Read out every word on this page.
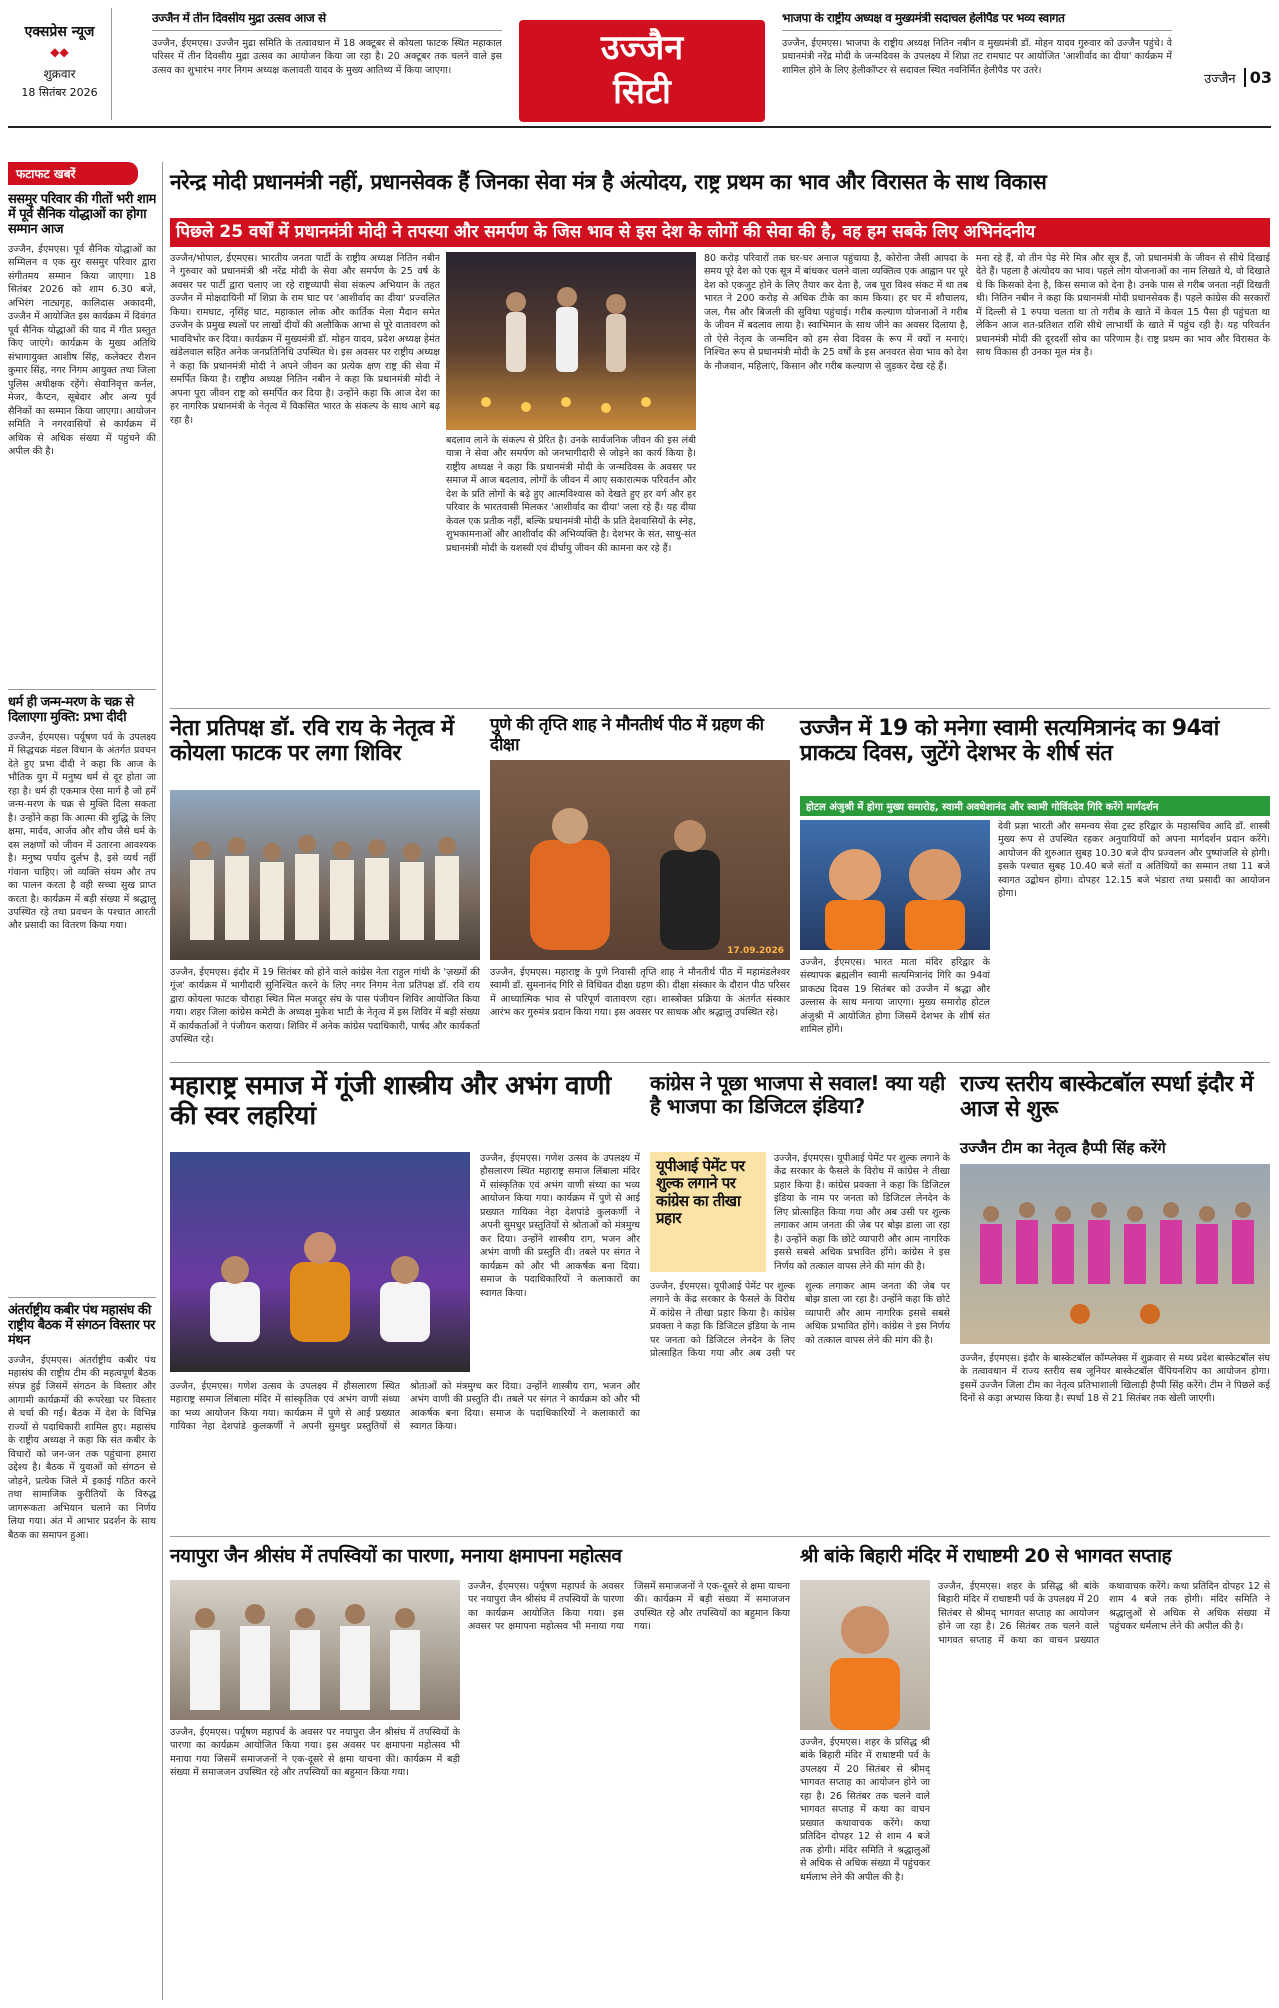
एक्सप्रेस न्यूज
◆◆
शुक्रवार
18 सितंबर 2026
उज्जैन में तीन दिवसीय मुद्रा उत्सव आज से
उज्जैन, ईएमएस। उज्जैन मुद्रा समिति के तत्वावधान में 18 अक्टूबर से कोयला फाटक स्थित महाकाल परिसर में तीन दिवसीय मुद्रा उत्सव का आयोजन किया जा रहा है। 20 अक्टूबर तक चलने वाले इस उत्सव का शुभारंभ नगर निगम अध्यक्ष कलावती यादव के मुख्य आतिथ्य में किया जाएगा।
उज्जैन
सिटी
भाजपा के राष्ट्रीय अध्यक्ष व मुख्यमंत्री सदाचल हेलीपैड पर भव्य स्वागत
उज्जैन, ईएमएस। भाजपा के राष्ट्रीय अध्यक्ष नितिन नबीन व मुख्यमंत्री डॉ. मोहन यादव गुरुवार को उज्जैन पहुंचे। वे प्रधानमंत्री नरेंद्र मोदी के जन्मदिवस के उपलक्ष्य में शिप्रा तट रामघाट पर आयोजित 'आशीर्वाद का दीया' कार्यक्रम में शामिल होने के लिए हेलीकॉप्टर से सदावल स्थित नवनिर्मित हेलीपैड पर उतरे।
उज्जैन 03
फटाफट खबरें
ससमुर परिवार की गीतों भरी शाम में पूर्व सैनिक योद्धाओं का होगा सम्मान आज
उज्जैन, ईएमएस। पूर्व सैनिक योद्धाओं का सम्मिलन व एक सुर ससमुर परिवार द्वारा संगीतमय सम्मान किया जाएगा। 18 सितंबर 2026 को शाम 6.30 बजे, अभिरंग नाट्यगृह, कालिदास अकादमी, उज्जैन में आयोजित इस कार्यक्रम में दिवंगत पूर्व सैनिक योद्धाओं की याद में गीत प्रस्तुत किए जाएंगे। कार्यक्रम के मुख्य अतिथि संभागायुक्त आशीष सिंह, कलेक्टर रौशन कुमार सिंह, नगर निगम आयुक्त तथा जिला पुलिस अधीक्षक रहेंगे। सेवानिवृत्त कर्नल, मेजर, कैप्टन, सूबेदार और अन्य पूर्व सैनिकों का सम्मान किया जाएगा। आयोजन समिति ने नगरवासियों से कार्यक्रम में अधिक से अधिक संख्या में पहुंचने की अपील की है।
धर्म ही जन्म-मरण के चक्र से दिलाएगा मुक्ति: प्रभा दीदी
उज्जैन, ईएमएस। पर्यूषण पर्व के उपलक्ष्य में सिद्धचक्र मंडल विधान के अंतर्गत प्रवचन देते हुए प्रभा दीदी ने कहा कि आज के भौतिक युग में मनुष्य धर्म से दूर होता जा रहा है। धर्म ही एकमात्र ऐसा मार्ग है जो हमें जन्म-मरण के चक्र से मुक्ति दिला सकता है। उन्होंने कहा कि आत्मा की शुद्धि के लिए क्षमा, मार्दव, आर्जव और शौच जैसे धर्म के दस लक्षणों को जीवन में उतारना आवश्यक है। मनुष्य पर्याय दुर्लभ है, इसे व्यर्थ नहीं गंवाना चाहिए। जो व्यक्ति संयम और तप का पालन करता है वही सच्चा सुख प्राप्त करता है। कार्यक्रम में बड़ी संख्या में श्रद्धालु उपस्थित रहे तथा प्रवचन के पश्चात आरती और प्रसादी का वितरण किया गया।
अंतर्राष्ट्रीय कबीर पंथ महासंघ की राष्ट्रीय बैठक में संगठन विस्तार पर मंथन
उज्जैन, ईएमएस। अंतर्राष्ट्रीय कबीर पंथ महासंघ की राष्ट्रीय टीम की महत्वपूर्ण बैठक संपन्न हुई जिसमें संगठन के विस्तार और आगामी कार्यक्रमों की रूपरेखा पर विस्तार से चर्चा की गई। बैठक में देश के विभिन्न राज्यों से पदाधिकारी शामिल हुए। महासंघ के राष्ट्रीय अध्यक्ष ने कहा कि संत कबीर के विचारों को जन-जन तक पहुंचाना हमारा उद्देश्य है। बैठक में युवाओं को संगठन से जोड़ने, प्रत्येक जिले में इकाई गठित करने तथा सामाजिक कुरीतियों के विरुद्ध जागरूकता अभियान चलाने का निर्णय लिया गया। अंत में आभार प्रदर्शन के साथ बैठक का समापन हुआ।
नरेन्द्र मोदी प्रधानमंत्री नहीं, प्रधानसेवक हैं जिनका सेवा मंत्र है अंत्योदय, राष्ट्र प्रथम का भाव और विरासत के साथ विकास
पिछले 25 वर्षों में प्रधानमंत्री मोदी ने तपस्या और समर्पण के जिस भाव से इस देश के लोगों की सेवा की है, वह हम सबके लिए अभिनंदनीय
उज्जैन/भोपाल, ईएमएस। भारतीय जनता पार्टी के राष्ट्रीय अध्यक्ष नितिन नबीन ने गुरुवार को प्रधानमंत्री श्री नरेंद्र मोदी के सेवा और समर्पण के 25 वर्ष के अवसर पर पार्टी द्वारा चलाए जा रहे राष्ट्रव्यापी सेवा संकल्प अभियान के तहत उज्जैन में मोक्षदायिनी माँ शिप्रा के राम घाट पर 'आशीर्वाद का दीया' प्रज्वलित किया। रामघाट, नृसिंह घाट, महाकाल लोक और कार्तिक मेला मैदान समेत उज्जैन के प्रमुख स्थलों पर लाखों दीयों की अलौकिक आभा से पूरे वातावरण को भावविभोर कर दिया। कार्यक्रम में मुख्यमंत्री डॉ. मोहन यादव, प्रदेश अध्यक्ष हेमंत खंडेलवाल सहित अनेक जनप्रतिनिधि उपस्थित थे। इस अवसर पर राष्ट्रीय अध्यक्ष ने कहा कि प्रधानमंत्री मोदी ने अपने जीवन का प्रत्येक क्षण राष्ट्र की सेवा में समर्पित किया है। राष्ट्रीय अध्यक्ष नितिन नबीन ने कहा कि प्रधानमंत्री मोदी ने अपना पूरा जीवन राष्ट्र को समर्पित कर दिया है। उन्होंने कहा कि आज देश का हर नागरिक प्रधानमंत्री के नेतृत्व में विकसित भारत के संकल्प के साथ आगे बढ़ रहा है।
बदलाव लाने के संकल्प से प्रेरित है। उनके सार्वजनिक जीवन की इस लंबी यात्रा ने सेवा और समर्पण को जनभागीदारी से जोड़ने का कार्य किया है। राष्ट्रीय अध्यक्ष ने कहा कि प्रधानमंत्री मोदी के जन्मदिवस के अवसर पर समाज में आज बदलाव, लोगों के जीवन में आए सकारात्मक परिवर्तन और देश के प्रति लोगों के बढ़े हुए आत्मविश्वास को देखते हुए हर वर्ग और हर परिवार के भारतवासी मिलकर 'आशीर्वाद का दीया' जला रहे हैं। यह दीया केवल एक प्रतीक नहीं, बल्कि प्रधानमंत्री मोदी के प्रति देशवासियों के स्नेह, शुभकामनाओं और आशीर्वाद की अभिव्यक्ति है। देशभर के संत, साधु-संत प्रधानमंत्री मोदी के यशस्वी एवं दीर्घायु जीवन की कामना कर रहे हैं।
80 करोड़ परिवारों तक घर-घर अनाज पहुंचाया है, कोरोना जैसी आपदा के समय पूरे देश को एक सूत्र में बांधकर चलने वाला व्यक्तित्व एक आह्वान पर पूरे देश को एकजुट होने के लिए तैयार कर देता है, जब पूरा विश्व संकट में था तब भारत ने 200 करोड़ से अधिक टीके का काम किया। हर घर में शौचालय, जल, गैस और बिजली की सुविधा पहुंचाई। गरीब कल्याण योजनाओं ने गरीब के जीवन में बदलाव लाया है। स्वाभिमान के साथ जीने का अवसर दिलाया है, तो ऐसे नेतृत्व के जन्मदिन को हम सेवा दिवस के रूप में क्यों न मनाएं। निश्चित रूप से प्रधानमंत्री मोदी के 25 वर्षों के इस अनवरत सेवा भाव को देश के नौजवान, महिलाएं, किसान और गरीब कल्याण से जुड़कर देख रहे हैं।
मना रहे हैं, वो तीन पेड़ मेरे मित्र और सूत्र हैं, जो प्रधानमंत्री के जीवन से सीधे दिखाई देते हैं। पहला है अंत्योदय का भाव। पहले लोग योजनाओं का नाम लिखते थे, वो दिखाते थे कि किसको देना है, किस समाज को देना है। उनके पास से गरीब जनता नहीं दिखती थी। नितिन नबीन ने कहा कि प्रधानमंत्री मोदी प्रधानसेवक हैं। पहले कांग्रेस की सरकारों में दिल्ली से 1 रुपया चलता था तो गरीब के खाते में केवल 15 पैसा ही पहुंचता था लेकिन आज शत-प्रतिशत राशि सीधे लाभार्थी के खाते में पहुंच रही है। यह परिवर्तन प्रधानमंत्री मोदी की दूरदर्शी सोच का परिणाम है। राष्ट्र प्रथम का भाव और विरासत के साथ विकास ही उनका मूल मंत्र है।
नेता प्रतिपक्ष डॉ. रवि राय के नेतृत्व में कोयला फाटक पर लगा शिविर
उज्जैन, ईएमएस। इंदौर में 19 सितंबर को होने वाले कांग्रेस नेता राहुल गांधी के 'ज़ख्मों की गूंज' कार्यक्रम में भागीदारी सुनिश्चित करने के लिए नगर निगम नेता प्रतिपक्ष डॉ. रवि राय द्वारा कोयला फाटक चौराहा स्थित मिल मजदूर संघ के पास पंजीयन शिविर आयोजित किया गया। शहर जिला कांग्रेस कमेटी के अध्यक्ष मुकेश भाटी के नेतृत्व में इस शिविर में बड़ी संख्या में कार्यकर्ताओं ने पंजीयन कराया। शिविर में अनेक कांग्रेस पदाधिकारी, पार्षद और कार्यकर्ता उपस्थित रहे।
पुणे की तृप्ति शाह ने मौनतीर्थ पीठ में ग्रहण की दीक्षा
17.09.2026
उज्जैन, ईएमएस। महाराष्ट्र के पुणे निवासी तृप्ति शाह ने मौनतीर्थ पीठ में महामंडलेश्वर स्वामी डॉ. सुमनानंद गिरि से विधिवत दीक्षा ग्रहण की। दीक्षा संस्कार के दौरान पीठ परिसर में आध्यात्मिक भाव से परिपूर्ण वातावरण रहा। शास्त्रोक्त प्रक्रिया के अंतर्गत संस्कार आरंभ कर गुरुमंत्र प्रदान किया गया। इस अवसर पर साधक और श्रद्धालु उपस्थित रहे।
उज्जैन में 19 को मनेगा स्वामी सत्यमित्रानंद का 94वां प्राकट्य दिवस, जुटेंगे देशभर के शीर्ष संत
होटल अंजुश्री में होगा मुख्य समारोह, स्वामी अवधेशानंद और स्वामी गोविंददेव गिरि करेंगे मार्गदर्शन
उज्जैन, ईएमएस। भारत माता मंदिर हरिद्वार के संस्थापक ब्रह्मलीन स्वामी सत्यमित्रानंद गिरि का 94वां प्राकट्य दिवस 19 सितंबर को उज्जैन में श्रद्धा और उल्लास के साथ मनाया जाएगा। मुख्य समारोह होटल अंजुश्री में आयोजित होगा जिसमें देशभर के शीर्ष संत शामिल होंगे।
देवी प्रज्ञा भारती और समन्वय सेवा ट्रस्ट हरिद्वार के महासचिव आदि डॉ. शास्त्री मुख्य रूप से उपस्थित रहकर अनुयायियों को अपना मार्गदर्शन प्रदान करेंगे। आयोजन की शुरुआत सुबह 10.30 बजे दीप प्रज्वलन और पुष्पांजलि से होगी। इसके पश्चात सुबह 10.40 बजे संतों व अतिथियों का सम्मान तथा 11 बजे स्वागत उद्बोधन होगा। दोपहर 12.15 बजे भंडारा तथा प्रसादी का आयोजन होगा।
महाराष्ट्र समाज में गूंजी शास्त्रीय और अभंग वाणी की स्वर लहरियां
उज्जैन, ईएमएस। गणेश उत्सव के उपलक्ष्य में हौसलारण स्थित महाराष्ट्र समाज लिंबाला मंदिर में सांस्कृतिक एवं अभंग वाणी संध्या का भव्य आयोजन किया गया। कार्यक्रम में पुणे से आई प्रख्यात गायिका नेहा देशपांडे कुलकर्णी ने अपनी सुमधुर प्रस्तुतियों से श्रोताओं को मंत्रमुग्ध कर दिया। उन्होंने शास्त्रीय राग, भजन और अभंग वाणी की प्रस्तुति दी। तबले पर संगत ने कार्यक्रम को और भी आकर्षक बना दिया। समाज के पदाधिकारियों ने कलाकारों का स्वागत किया।
उज्जैन, ईएमएस। गणेश उत्सव के उपलक्ष्य में हौसलारण स्थित महाराष्ट्र समाज लिंबाला मंदिर में सांस्कृतिक एवं अभंग वाणी संध्या का भव्य आयोजन किया गया। कार्यक्रम में पुणे से आई प्रख्यात गायिका नेहा देशपांडे कुलकर्णी ने अपनी सुमधुर प्रस्तुतियों से श्रोताओं को मंत्रमुग्ध कर दिया। उन्होंने शास्त्रीय राग, भजन और अभंग वाणी की प्रस्तुति दी। तबले पर संगत ने कार्यक्रम को और भी आकर्षक बना दिया। समाज के पदाधिकारियों ने कलाकारों का स्वागत किया।
कांग्रेस ने पूछा भाजपा से सवाल! क्या यही है भाजपा का डिजिटल इंडिया?
यूपीआई पेमेंट पर शुल्क लगाने पर कांग्रेस का तीखा प्रहार
उज्जैन, ईएमएस। यूपीआई पेमेंट पर शुल्क लगाने के केंद्र सरकार के फैसले के विरोध में कांग्रेस ने तीखा प्रहार किया है। कांग्रेस प्रवक्ता ने कहा कि डिजिटल इंडिया के नाम पर जनता को डिजिटल लेनदेन के लिए प्रोत्साहित किया गया और अब उसी पर शुल्क लगाकर आम जनता की जेब पर बोझ डाला जा रहा है। उन्होंने कहा कि छोटे व्यापारी और आम नागरिक इससे सबसे अधिक प्रभावित होंगे। कांग्रेस ने इस निर्णय को तत्काल वापस लेने की मांग की है।
उज्जैन, ईएमएस। यूपीआई पेमेंट पर शुल्क लगाने के केंद्र सरकार के फैसले के विरोध में कांग्रेस ने तीखा प्रहार किया है। कांग्रेस प्रवक्ता ने कहा कि डिजिटल इंडिया के नाम पर जनता को डिजिटल लेनदेन के लिए प्रोत्साहित किया गया और अब उसी पर शुल्क लगाकर आम जनता की जेब पर बोझ डाला जा रहा है। उन्होंने कहा कि छोटे व्यापारी और आम नागरिक इससे सबसे अधिक प्रभावित होंगे। कांग्रेस ने इस निर्णय को तत्काल वापस लेने की मांग की है।
राज्य स्तरीय बास्केटबॉल स्पर्धा इंदौर में आज से शुरू
उज्जैन टीम का नेतृत्व हैप्पी सिंह करेंगे
उज्जैन, ईएमएस। इंदौर के बास्केटबॉल कॉम्प्लेक्स में शुक्रवार से मध्य प्रदेश बास्केटबॉल संघ के तत्वावधान में राज्य स्तरीय सब जूनियर बास्केटबॉल चैंपियनशिप का आयोजन होगा। इसमें उज्जैन जिला टीम का नेतृत्व प्रतिभाशाली खिलाड़ी हैप्पी सिंह करेंगे। टीम ने पिछले कई दिनों से कड़ा अभ्यास किया है। स्पर्धा 18 से 21 सितंबर तक खेली जाएगी।
नयापुरा जैन श्रीसंघ में तपस्वियों का पारणा, मनाया क्षमापना महोत्सव
उज्जैन, ईएमएस। पर्यूषण महापर्व के अवसर पर नयापुरा जैन श्रीसंघ में तपस्वियों के पारणा का कार्यक्रम आयोजित किया गया। इस अवसर पर क्षमापना महोत्सव भी मनाया गया जिसमें समाजजनों ने एक-दूसरे से क्षमा याचना की। कार्यक्रम में बड़ी संख्या में समाजजन उपस्थित रहे और तपस्वियों का बहुमान किया गया।
उज्जैन, ईएमएस। पर्यूषण महापर्व के अवसर पर नयापुरा जैन श्रीसंघ में तपस्वियों के पारणा का कार्यक्रम आयोजित किया गया। इस अवसर पर क्षमापना महोत्सव भी मनाया गया जिसमें समाजजनों ने एक-दूसरे से क्षमा याचना की। कार्यक्रम में बड़ी संख्या में समाजजन उपस्थित रहे और तपस्वियों का बहुमान किया गया।
श्री बांके बिहारी मंदिर में राधाष्टमी 20 से भागवत सप्ताह
उज्जैन, ईएमएस। शहर के प्रसिद्ध श्री बांके बिहारी मंदिर में राधाष्टमी पर्व के उपलक्ष्य में 20 सितंबर से श्रीमद् भागवत सप्ताह का आयोजन होने जा रहा है। 26 सितंबर तक चलने वाले भागवत सप्ताह में कथा का वाचन प्रख्यात कथावाचक करेंगे। कथा प्रतिदिन दोपहर 12 से शाम 4 बजे तक होगी। मंदिर समिति ने श्रद्धालुओं से अधिक से अधिक संख्या में पहुंचकर धर्मलाभ लेने की अपील की है।
उज्जैन, ईएमएस। शहर के प्रसिद्ध श्री बांके बिहारी मंदिर में राधाष्टमी पर्व के उपलक्ष्य में 20 सितंबर से श्रीमद् भागवत सप्ताह का आयोजन होने जा रहा है। 26 सितंबर तक चलने वाले भागवत सप्ताह में कथा का वाचन प्रख्यात कथावाचक करेंगे। कथा प्रतिदिन दोपहर 12 से शाम 4 बजे तक होगी। मंदिर समिति ने श्रद्धालुओं से अधिक से अधिक संख्या में पहुंचकर धर्मलाभ लेने की अपील की है।
